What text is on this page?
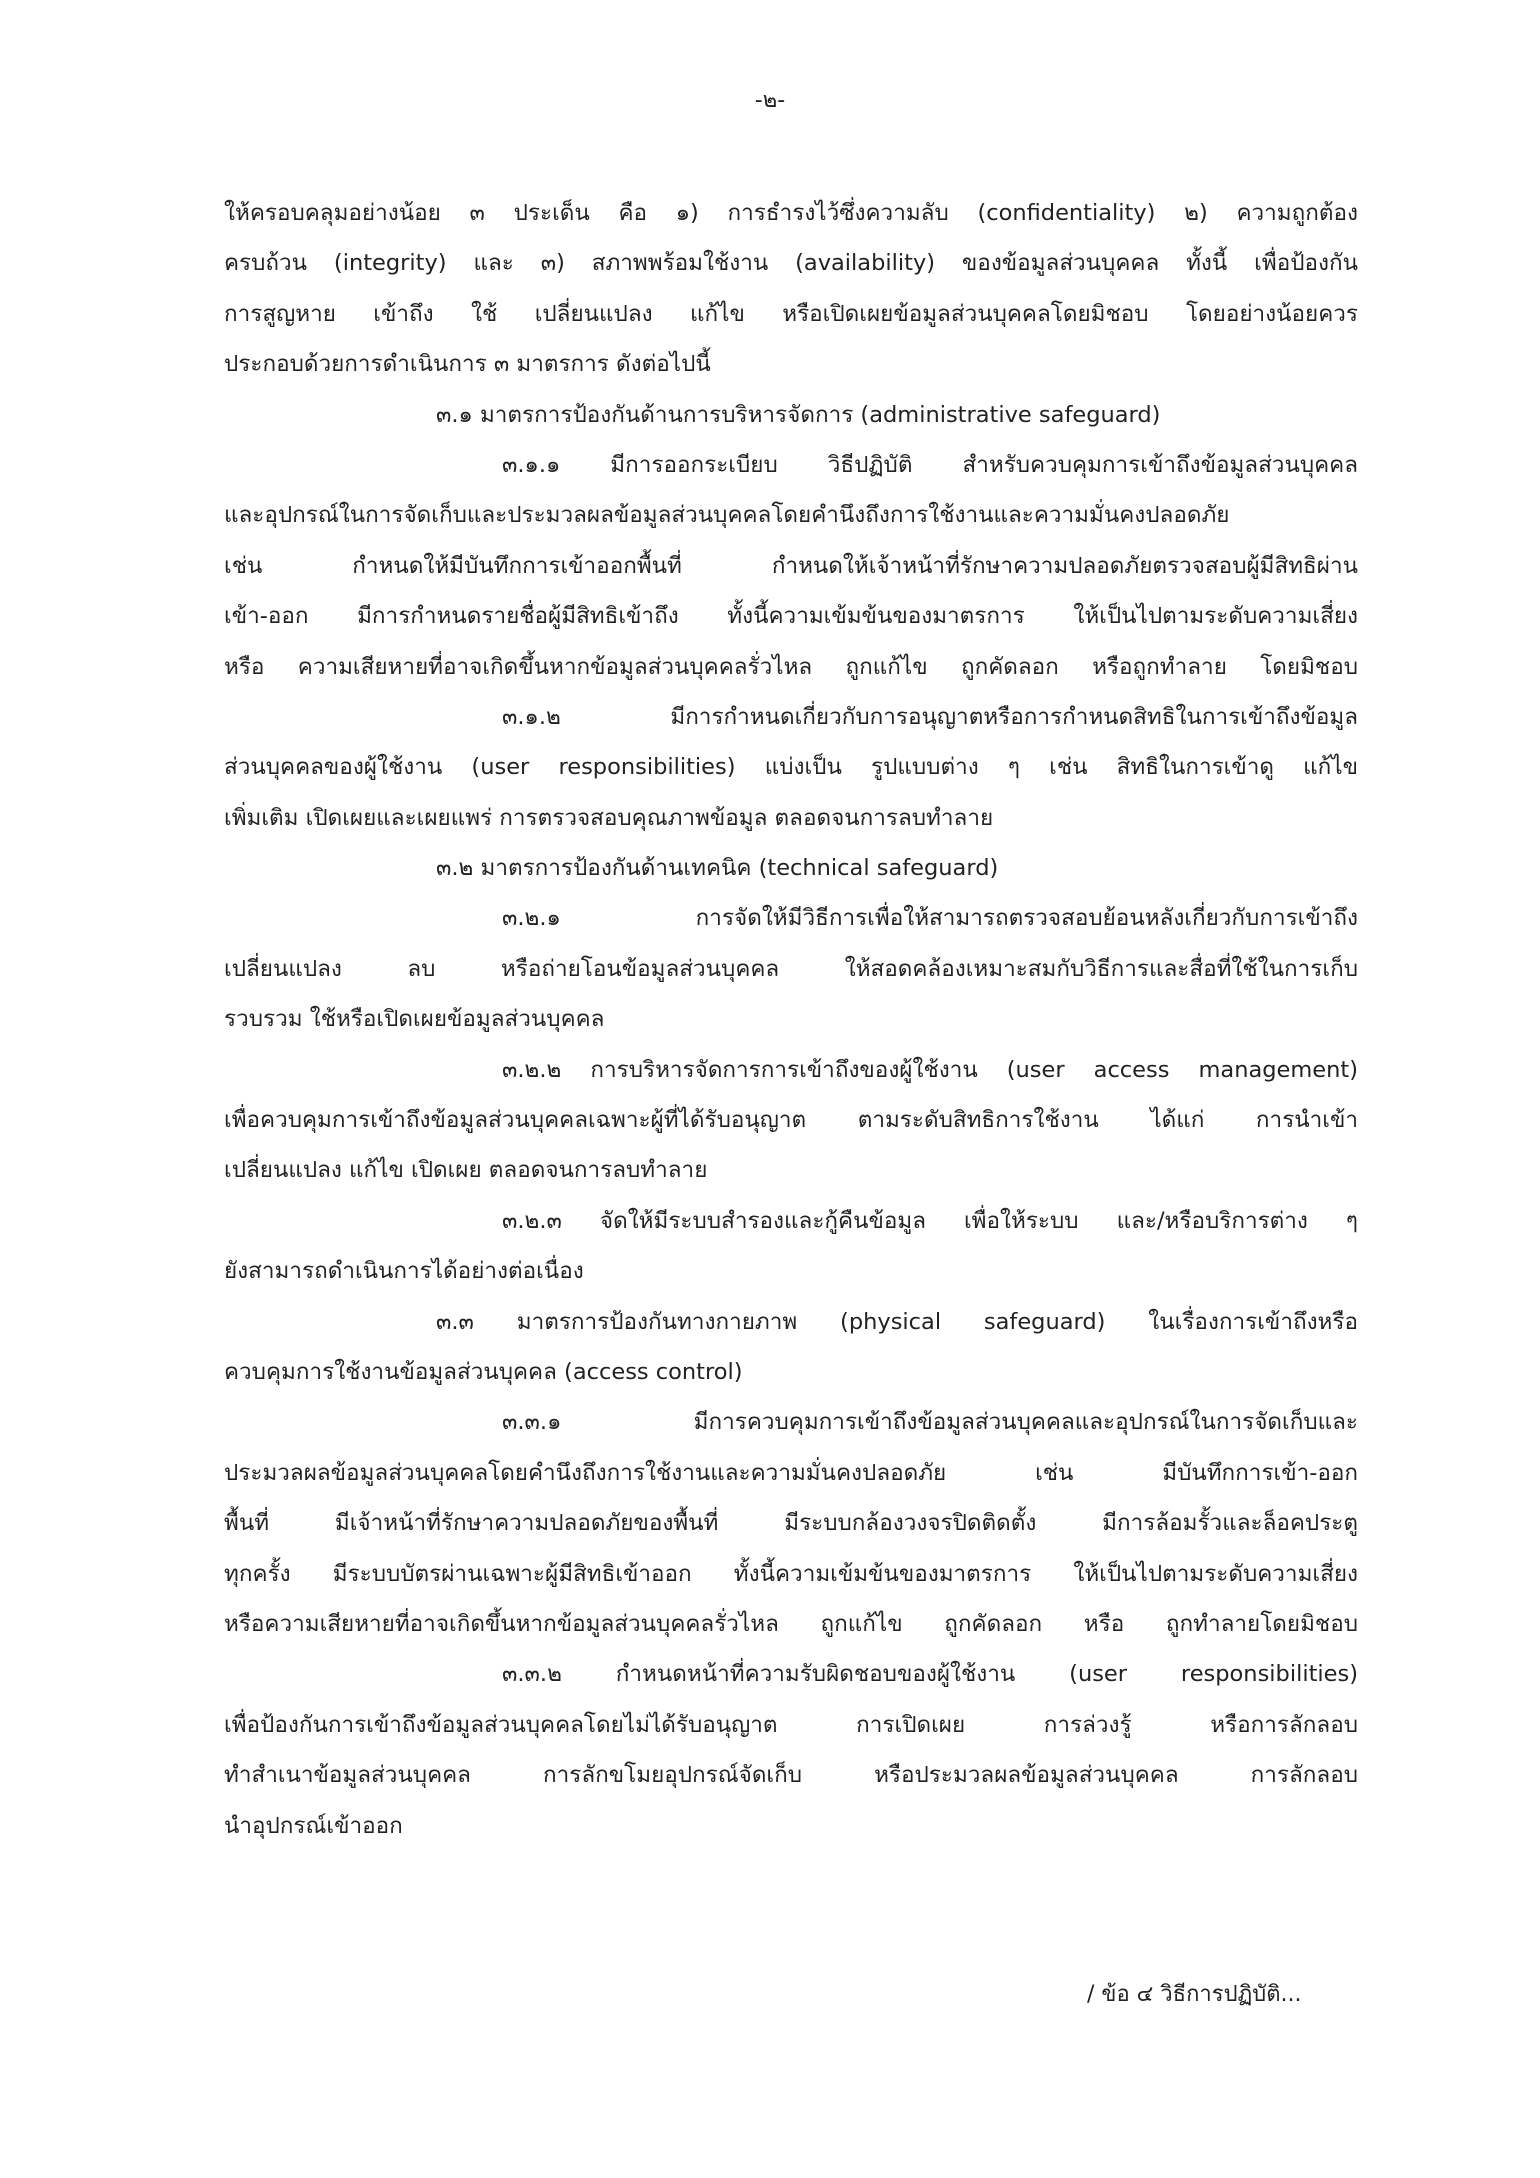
-๒-
ให้ครอบคลุมอย่างน้อย ๓ ประเด็น คือ ๑) การธำรงไว้ซึ่งความลับ (confidentiality) ๒) ความถูกต้อง
ครบถ้วน (integrity) และ ๓) สภาพพร้อมใช้งาน (availability) ของข้อมูลส่วนบุคคล ทั้งนี้ เพื่อป้องกัน
การสูญหาย เข้าถึง ใช้ เปลี่ยนแปลง แก้ไข หรือเปิดเผยข้อมูลส่วนบุคคลโดยมิชอบ โดยอย่างน้อยควร
ประกอบด้วยการดำเนินการ ๓ มาตรการ ดังต่อไปนี้
๓.๑ มาตรการป้องกันด้านการบริหารจัดการ (administrative safeguard)
๓.๑.๑ มีการออกระเบียบ วิธีปฏิบัติ สำหรับควบคุมการเข้าถึงข้อมูลส่วนบุคคล
และอุปกรณ์ในการจัดเก็บและประมวลผลข้อมูลส่วนบุคคลโดยคำนึงถึงการใช้งานและความมั่นคงปลอดภัย
เช่น กำหนดให้มีบันทึกการเข้าออกพื้นที่ กำหนดให้เจ้าหน้าที่รักษาความปลอดภัยตรวจสอบผู้มีสิทธิผ่าน
เข้า-ออก มีการกำหนดรายชื่อผู้มีสิทธิเข้าถึง ทั้งนี้ความเข้มข้นของมาตรการ ให้เป็นไปตามระดับความเสี่ยง
หรือ ความเสียหายที่อาจเกิดขึ้นหากข้อมูลส่วนบุคคลรั่วไหล ถูกแก้ไข ถูกคัดลอก หรือถูกทำลาย โดยมิชอบ
๓.๑.๒ มีการกำหนดเกี่ยวกับการอนุญาตหรือการกำหนดสิทธิในการเข้าถึงข้อมูล
ส่วนบุคคลของผู้ใช้งาน (user responsibilities) แบ่งเป็น รูปแบบต่าง ๆ เช่น สิทธิในการเข้าดู แก้ไข
เพิ่มเติม เปิดเผยและเผยแพร่ การตรวจสอบคุณภาพข้อมูล ตลอดจนการลบทำลาย
๓.๒ มาตรการป้องกันด้านเทคนิค (technical safeguard)
๓.๒.๑ การจัดให้มีวิธีการเพื่อให้สามารถตรวจสอบย้อนหลังเกี่ยวกับการเข้าถึง
เปลี่ยนแปลง ลบ หรือถ่ายโอนข้อมูลส่วนบุคคล ให้สอดคล้องเหมาะสมกับวิธีการและสื่อที่ใช้ในการเก็บ
รวบรวม ใช้หรือเปิดเผยข้อมูลส่วนบุคคล
๓.๒.๒ การบริหารจัดการการเข้าถึงของผู้ใช้งาน (user access management)
เพื่อควบคุมการเข้าถึงข้อมูลส่วนบุคคลเฉพาะผู้ที่ได้รับอนุญาต ตามระดับสิทธิการใช้งาน ได้แก่ การนำเข้า
เปลี่ยนแปลง แก้ไข เปิดเผย ตลอดจนการลบทำลาย
๓.๒.๓ จัดให้มีระบบสำรองและกู้คืนข้อมูล เพื่อให้ระบบ และ/หรือบริการต่าง ๆ
ยังสามารถดำเนินการได้อย่างต่อเนื่อง
๓.๓ มาตรการป้องกันทางกายภาพ (physical safeguard) ในเรื่องการเข้าถึงหรือ
ควบคุมการใช้งานข้อมูลส่วนบุคคล (access control)
๓.๓.๑ มีการควบคุมการเข้าถึงข้อมูลส่วนบุคคลและอุปกรณ์ในการจัดเก็บและ
ประมวลผลข้อมูลส่วนบุคคลโดยคำนึงถึงการใช้งานและความมั่นคงปลอดภัย เช่น มีบันทึกการเข้า-ออก
พื้นที่ มีเจ้าหน้าที่รักษาความปลอดภัยของพื้นที่ มีระบบกล้องวงจรปิดติดตั้ง มีการล้อมรั้วและล็อคประตู
ทุกครั้ง มีระบบบัตรผ่านเฉพาะผู้มีสิทธิเข้าออก ทั้งนี้ความเข้มข้นของมาตรการ ให้เป็นไปตามระดับความเสี่ยง
หรือความเสียหายที่อาจเกิดขึ้นหากข้อมูลส่วนบุคคลรั่วไหล ถูกแก้ไข ถูกคัดลอก หรือ ถูกทำลายโดยมิชอบ
๓.๓.๒ กำหนดหน้าที่ความรับผิดชอบของผู้ใช้งาน (user responsibilities)
เพื่อป้องกันการเข้าถึงข้อมูลส่วนบุคคลโดยไม่ได้รับอนุญาต การเปิดเผย การล่วงรู้ หรือการลักลอบ
ทำสำเนาข้อมูลส่วนบุคคล การลักขโมยอุปกรณ์จัดเก็บ หรือประมวลผลข้อมูลส่วนบุคคล การลักลอบ
นำอุปกรณ์เข้าออก
/ ข้อ ๔ วิธีการปฏิบัติ...
